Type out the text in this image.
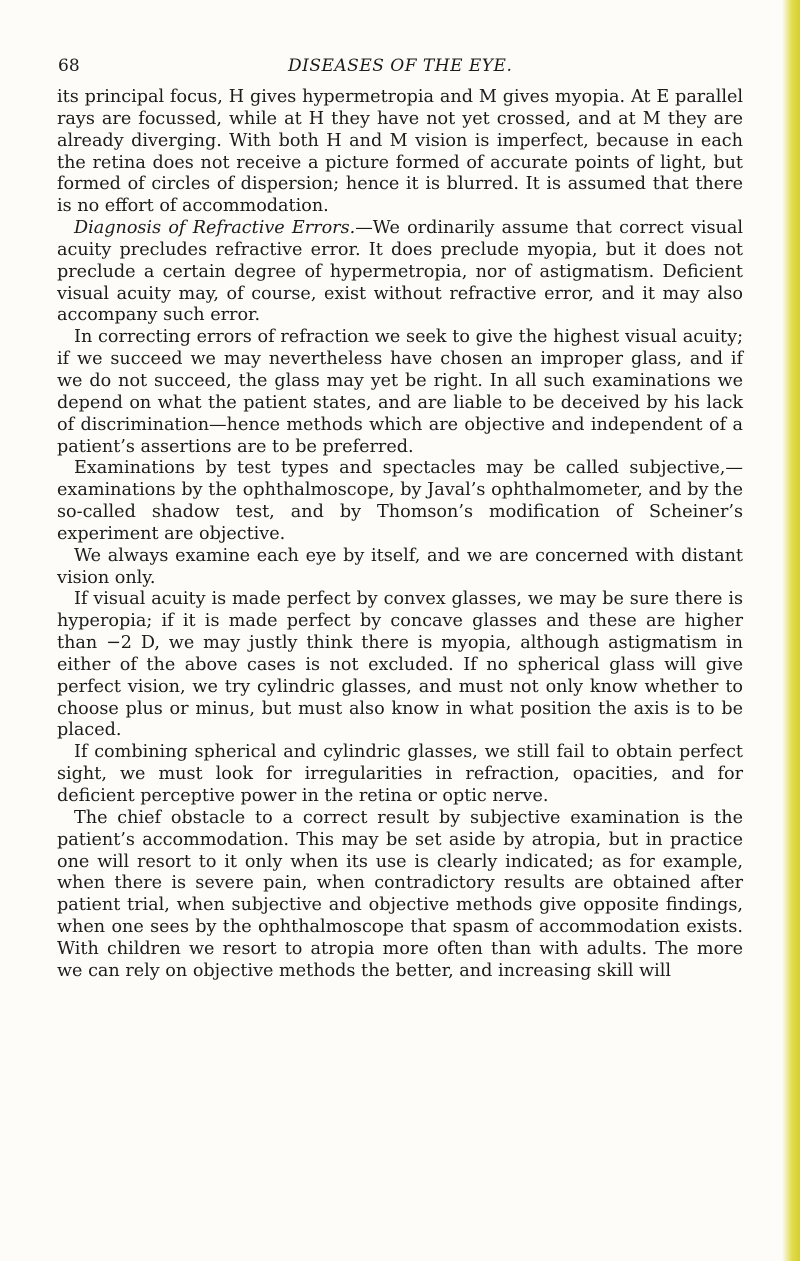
68	DISEASES OF THE EYE.

its principal focus, H gives hypermetropia and M gives myopia. At E parallel rays are focussed, while at H they have not yet crossed, and at M they are already diverging. With both H and M vision is imperfect, because in each the retina does not receive a picture formed of accurate points of light, but formed of circles of dispersion; hence it is blurred. It is assumed that there is no effort of accommodation.

Diagnosis of Refractive Errors.—We ordinarily assume that correct visual acuity precludes refractive error. It does preclude myopia, but it does not preclude a certain degree of hypermetropia, nor of astigmatism. Deficient visual acuity may, of course, exist without refractive error, and it may also accompany such error.

In correcting errors of refraction we seek to give the highest visual acuity; if we succeed we may nevertheless have chosen an improper glass, and if we do not succeed, the glass may yet be right. In all such examinations we depend on what the patient states, and are liable to be deceived by his lack of discrimination—hence methods which are objective and independent of a patient’s assertions are to be preferred.

Examinations by test types and spectacles may be called subjective,—examinations by the ophthalmoscope, by Javal’s ophthalmometer, and by the so-called shadow test, and by Thomson’s modification of Scheiner’s experiment are objective.

We always examine each eye by itself, and we are concerned with distant vision only.

If visual acuity is made perfect by convex glasses, we may be sure there is hyperopia; if it is made perfect by concave glasses and these are higher than −2 D, we may justly think there is myopia, although astigmatism in either of the above cases is not excluded. If no spherical glass will give perfect vision, we try cylindric glasses, and must not only know whether to choose plus or minus, but must also know in what position the axis is to be placed.

If combining spherical and cylindric glasses, we still fail to obtain perfect sight, we must look for irregularities in refraction, opacities, and for deficient perceptive power in the retina or optic nerve.

The chief obstacle to a correct result by subjective examination is the patient’s accommodation. This may be set aside by atropia, but in practice one will resort to it only when its use is clearly indicated; as for example, when there is severe pain, when contradictory results are obtained after patient trial, when subjective and objective methods give opposite findings, when one sees by the ophthalmoscope that spasm of accommodation exists. With children we resort to atropia more often than with adults. The more we can rely on objective methods the better, and increasing skill will
